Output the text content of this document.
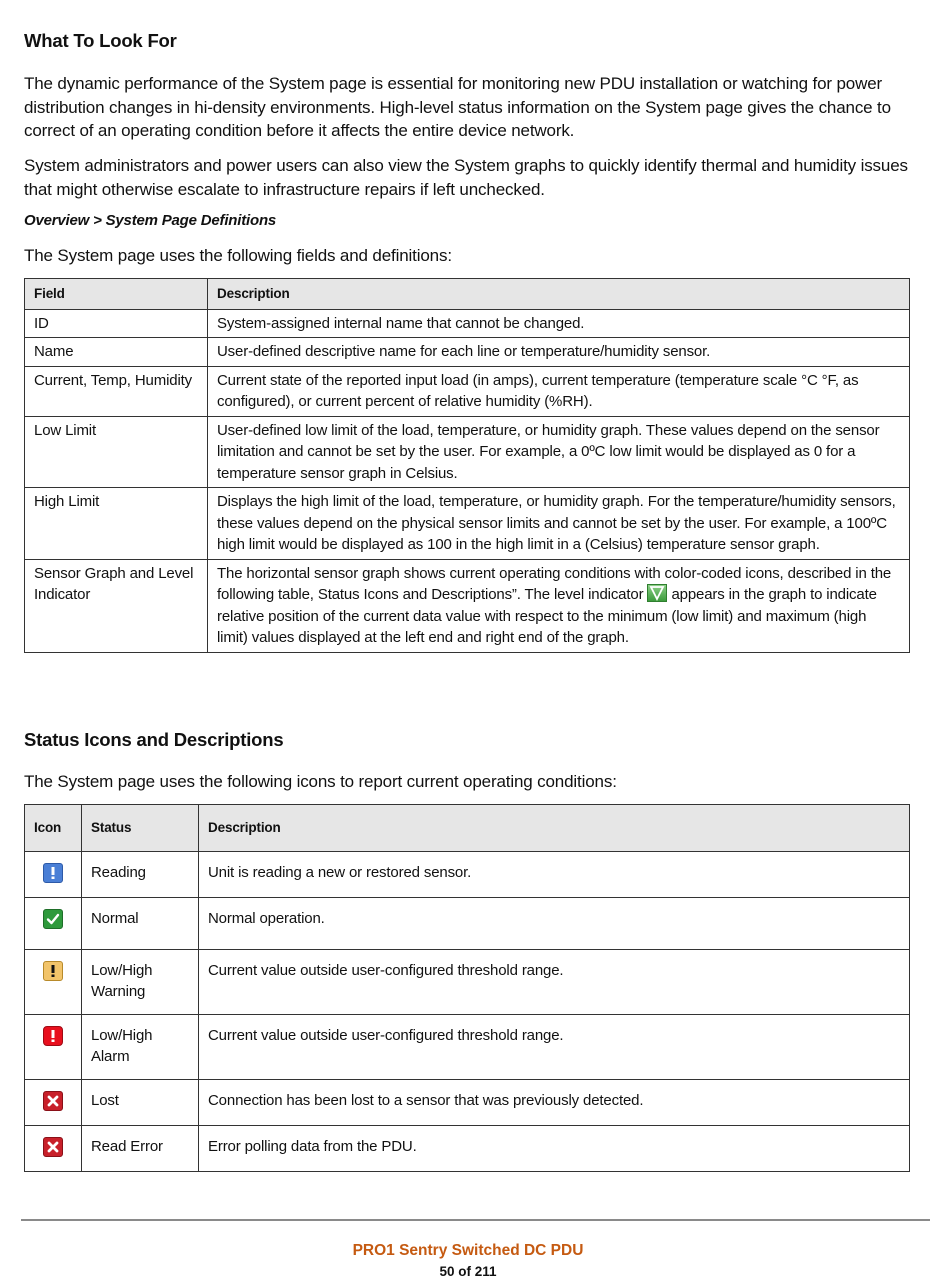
What To Look For

The dynamic performance of the System page is essential for monitoring new PDU installation or watching for power distribution changes in hi-density environments. High-level status information on the System page gives the chance to correct of an operating condition before it affects the entire device network.

System administrators and power users can also view the System graphs to quickly identify thermal and humidity issues that might otherwise escalate to infrastructure repairs if left unchecked.

Overview > System Page Definitions

The System page uses the following fields and definitions:

Field	Description
ID	System-assigned internal name that cannot be changed.
Name	User-defined descriptive name for each line or temperature/humidity sensor.
Current, Temp, Humidity	Current state of the reported input load (in amps), current temperature (temperature scale °C °F, as configured), or current percent of relative humidity (%RH).
Low Limit	User-defined low limit of the load, temperature, or humidity graph. These values depend on the sensor limitation and cannot be set by the user. For example, a 0ºC low limit would be displayed as 0 for a temperature sensor graph in Celsius.
High Limit	Displays the high limit of the load, temperature, or humidity graph. For the temperature/humidity sensors, these values depend on the physical sensor limits and cannot be set by the user. For example, a 100ºC high limit would be displayed as 100 in the high limit in a (Celsius) temperature sensor graph.
Sensor Graph and Level Indicator	The horizontal sensor graph shows current operating conditions with color-coded icons, described in the following table, Status Icons and Descriptions”. The level indicator  appears in the graph to indicate relative position of the current data value with respect to the minimum (low limit) and maximum (high limit) values displayed at the left end and right end of the graph.
Status Icons and Descriptions

The System page uses the following icons to report current operating conditions:

Icon	Status	Description

	Reading	Unit is reading a new or restored sensor.

	Normal	Normal operation.

	Low/High Warning	Current value outside user-configured threshold range.

	Low/High Alarm	Current value outside user-configured threshold range.

	Lost	Connection has been lost to a sensor that was previously detected.

	Read Error	Error polling data from the PDU.
PRO1 Sentry Switched DC PDU
50 of 211
